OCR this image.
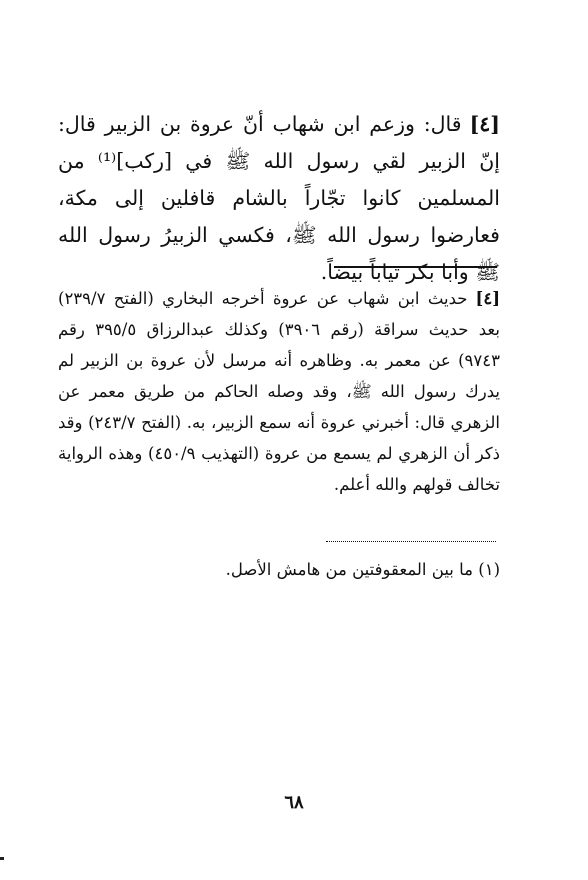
[٤]قال: وزعم ابن شهاب أنّ عروة بن الزبير قال: إنّ الزبير لقي رسول الله ﷺ في [ركب]⁽¹⁾ من المسلمين كانوا تجّاراً بالشام قافلين إلى مكة، فعارضوا رسول الله ﷺ، فكسي الزبيرُ رسول الله ﷺ وأبا بكر ثياباً بيضاً.
[٤]حديث ابن شهاب عن عروة أخرجه البخاري (الفتح ٢٣٩/٧) بعد حديث سراقة (رقم ٣٩٠٦) وكذلك عبدالرزاق ٣٩٥/٥ رقم ٩٧٤٣) عن معمر به. وظاهره أنه مرسل لأن عروة بن الزبير لم يدرك رسول الله ﷺ، وقد وصله الحاكم من طريق معمر عن الزهري قال: أخبرني عروة أنه سمع الزبير، به. (الفتح ٢٤٣/٧) وقد ذكر أن الزهري لم يسمع من عروة (التهذيب ٤٥٠/٩) وهذه الرواية تخالف قولهم والله أعلم.
(١) ما بين المعقوفتين من هامش الأصل.
٦٨
